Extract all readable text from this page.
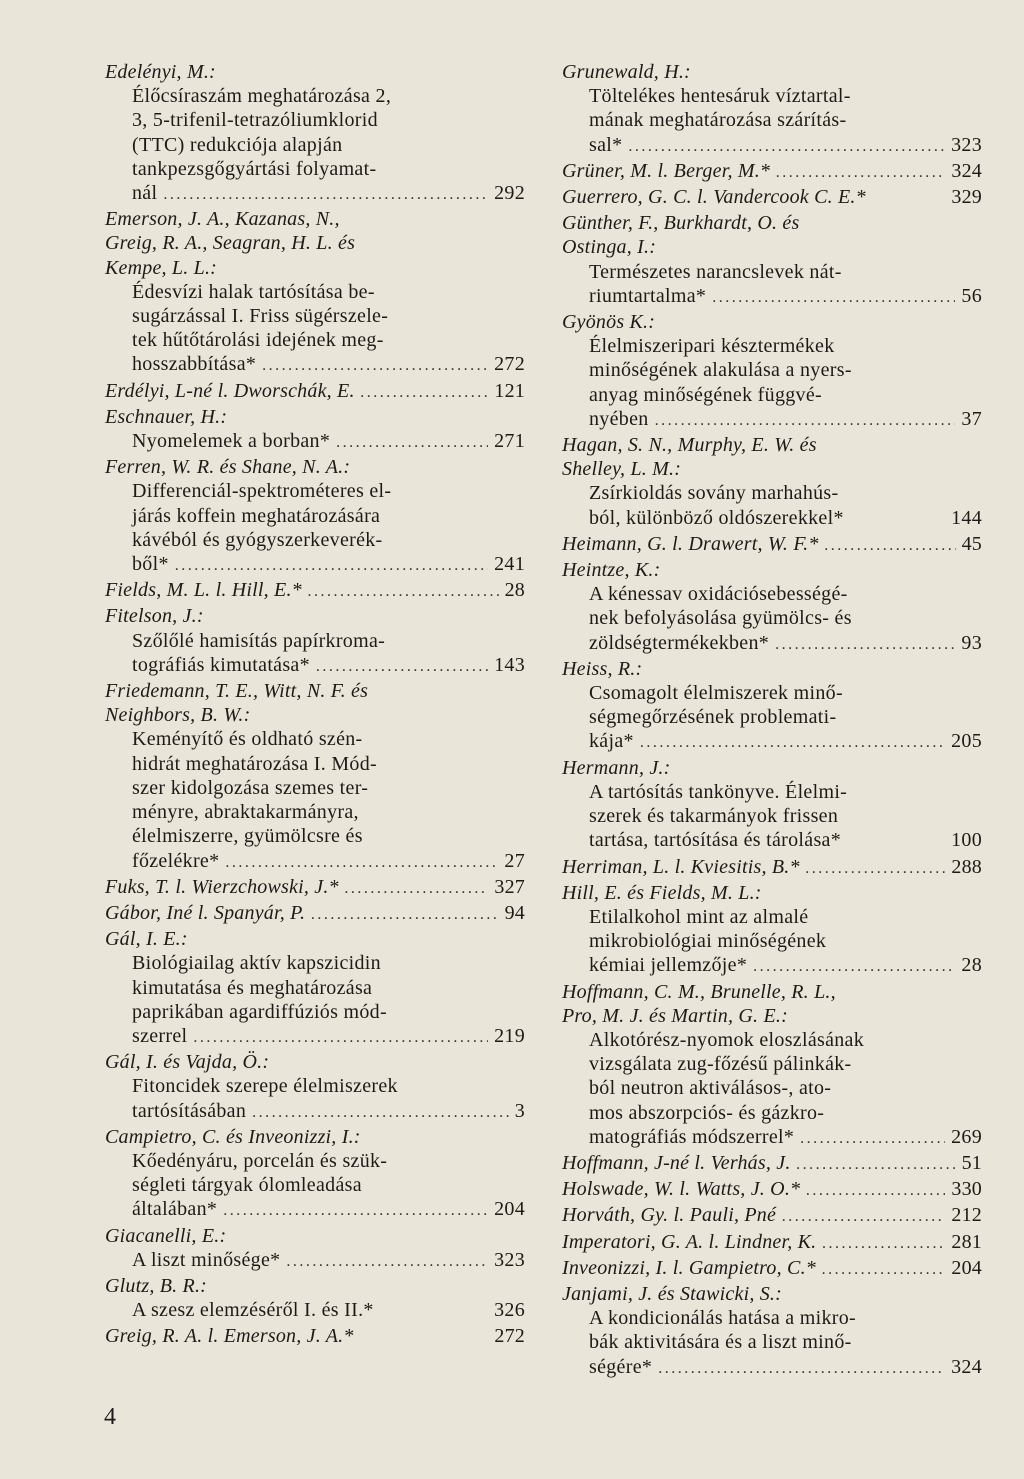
Edelényi, M.:
Élőcsíraszám meghatározása 2,
3, 5-trifenil-tetrazóliumklorid
(TTC) redukciója alapján
tankpezsgőgyártási folyamat-
nál .....	292
Emerson, J. A., Kazanas, N.,
Greig, R. A., Seagran, H. L. és
Kempe, L. L.:
Édesvízi halak tartósítása be-
sugárzással I. Friss sügérszele-
tek hűtőtárolási idejének meg-
hosszabbítása* .....	272
Erdélyi, L-né l. Dworschák, E. .....	121
Eschnauer, H.:
Nyomelemek a borban* .....	271
Ferren, W. R. és Shane, N. A.:
Differenciál-spektrométeres el-
járás koffein meghatározására
kávéból és gyógyszerkeverék-
ből* .....	241
Fields, M. L. l. Hill, E.* .....	28
Fitelson, J.:
Szőlőlé hamisítás papírkroma-
tográfiás kimutatása* .....	143
Friedemann, T. E., Witt, N. F. és
Neighbors, B. W.:
Keményítő és oldható szén-
hidrát meghatározása I. Mód-
szer kidolgozása szemes ter-
ményre, abraktakarmányra,
élelmiszerre, gyümölcsre és
főzelékre* .....	27
Fuks, T. l. Wierzchowski, J.* .....	327
Gábor, Iné l. Spanyár, P. .....	94
Gál, I. E.:
Biológiailag aktív kapszicidin
kimutatása és meghatározása
paprikában agardiffúziós mód-
szerrel .....	219
Gál, I. és Vajda, Ö.:
Fitoncidek szerepe élelmiszerek
tartósításában .....	3
Campietro, C. és Inveonizzi, I.:
Kőedényáru, porcelán és szük-
ségleti tárgyak ólomleadása
általában* .....	204
Giacanelli, E.:
A liszt minősége* .....	323
Glutz, B. R.:
A szesz elemzéséről I. és II.*	326
Greig, R. A. l. Emerson, J. A.*	272
Grunewald, H.:
Töltelékes hentesáruk víztartal-
mának meghatározása szárítás-
sal* .....	323
Grüner, M. l. Berger, M.* .....	324
Guerrero, G. C. l. Vandercook C. E.*	329
Günther, F., Burkhardt, O. és
Ostinga, I.:
Természetes narancslevek nát-
riumtartalma* .....	56
Gyönös K.:
Élelmiszeripari késztermékek
minőségének alakulása a nyers-
anyag minőségének függvé-
nyében .....	37
Hagan, S. N., Murphy, E. W. és
Shelley, L. M.:
Zsírkioldás sovány marhahús-
ból, különböző oldószerekkel*	144
Heimann, G. l. Drawert, W. F.* .....	45
Heintze, K.:
A kénessav oxidációsebességé-
nek befolyásolása gyümölcs- és
zöldségtermékekben* .....	93
Heiss, R.:
Csomagolt élelmiszerek minő-
ségmegőrzésének problemati-
kája* .....	205
Hermann, J.:
A tartósítás tankönyve. Élelmi-
szerek és takarmányok frissen
tartása, tartósítása és tárolása*	100
Herriman, L. l. Kviesitis, B.* .....	288
Hill, E. és Fields, M. L.:
Etilalkohol mint az almalé
mikrobiológiai minőségének
kémiai jellemzője* .....	28
Hoffmann, C. M., Brunelle, R. L.,
Pro, M. J. és Martin, G. E.:
Alkotórész-nyomok eloszlásának
vizsgálata zug-főzésű pálinkák-
ból neutron aktiválásos-, ato-
mos abszorpciós- és gázkro-
matográfiás módszerrel* .....	269
Hoffmann, J-né l. Verhás, J. .....	51
Holswade, W. l. Watts, J. O.* .....	330
Horváth, Gy. l. Pauli, Pné .....	212
Imperatori, G. A. l. Lindner, K. .....	281
Inveonizzi, I. l. Gampietro, C.* .....	204
Janjami, J. és Stawicki, S.:
A kondicionálás hatása a mikro-
bák aktivitására és a liszt minő-
ségére* .....	324
4
